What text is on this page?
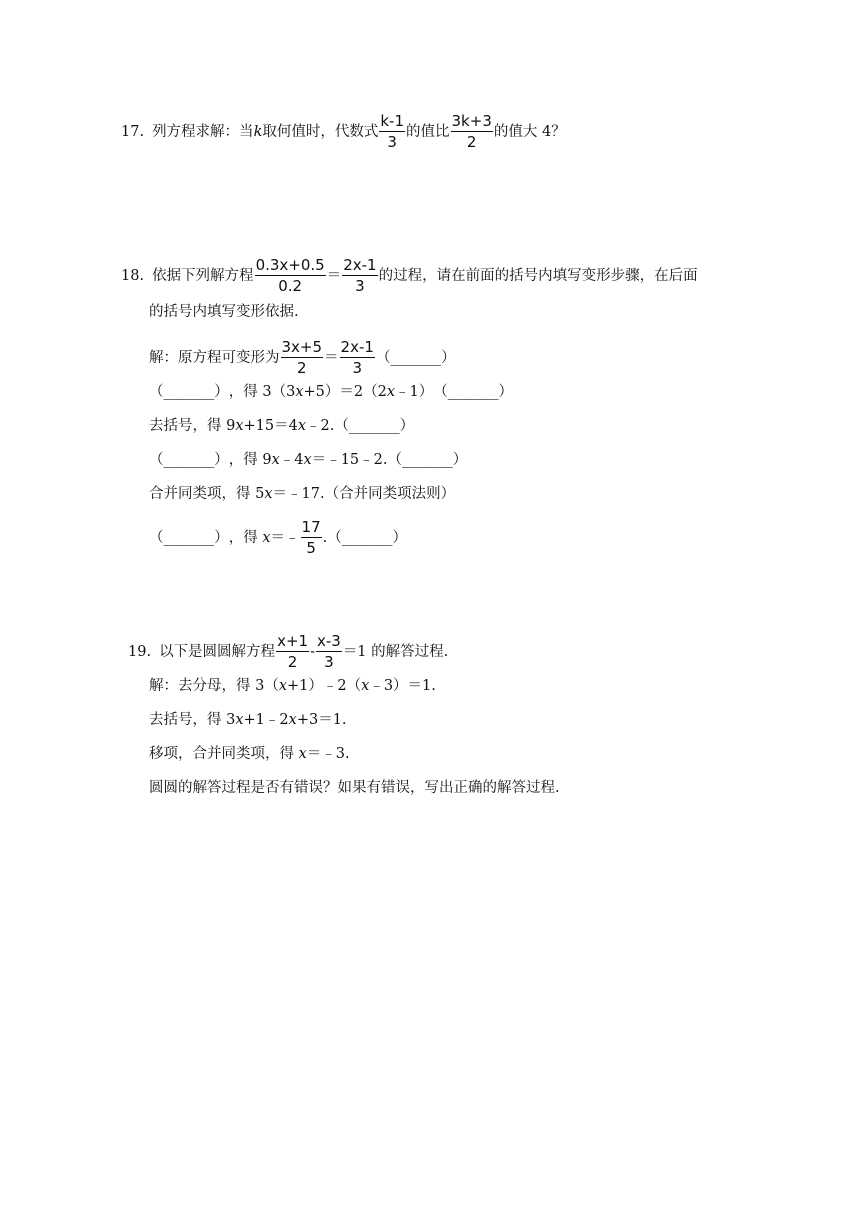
17. 列方程求解：当k取何值时，代数式 $\frac{k-1}{3}$ 的值比 $\frac{3k+3}{2}$ 的值大 4？
18. 依据下列解方程 $\frac{0.3x+0.5}{0.2} = \frac{2x-1}{3}$ 的过程，请在前面的括号内填写变形步骤，在后面
的括号内填写变形依据.
解：原方程可变形为 $\frac{3x+5}{2} = \frac{2x-1}{3}$ （_______）
（_______），得 3（3x+5）＝2（2x﹣1）（_______）
去括号，得 9x+15＝4x﹣2.（_______）
（_______），得 9x﹣4x＝﹣15﹣2.（_______）
合并同类项，得 5x＝﹣17.（合并同类项法则）
（_______），得 x＝﹣ $\frac{17}{5}$ .（_______）
19. 以下是圆圆解方程 $\frac{x+1}{2} - \frac{x-3}{3} =1$ 的解答过程.
解：去分母，得 3（x+1）﹣2（x﹣3）＝1.
去括号，得 3x+1﹣2x+3＝1.
移项，合并同类项，得 x＝﹣3.
圆圆的解答过程是否有错误？如果有错误，写出正确的解答过程.
